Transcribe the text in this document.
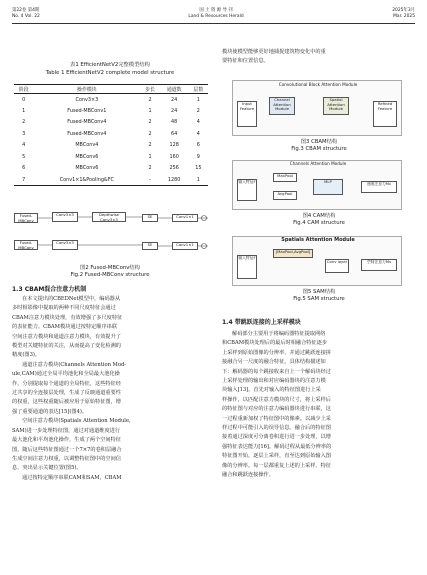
第22卷 第4期
No. 4 Vol. 22
国 土 资 源 导 刊
Land & Resources Herald
2025年3月
Mar. 2025
表1 EfficientNetV2完整模型结构
Table 1 EfficientNetV2 complete model structure
阶段	操作模块	步长	通道数	层数
0	Conv3×3	2	24	1
1	Fused-MBConv1	1	24	2
2	Fused-MBConv4	2	48	4
3	Fused-MBConv4	2	64	4
4	MBConv4	2	128	6
5	MBConv6	1	160	9
6	MBConv6	2	256	15
7	Conv1×1&Pooling&FC	-	1280	1
Fused-MBConv
Conv3×3	Depthwise Conv3×3	SE	Conv1×1
Fused-MBConv
Conv3×3	SE	Conv1×1
图2 Fused-MBConv结构
Fig.2 Fused-MBConv structure
1.3 CBAM混合注意力机制
在本文提出的CBEDNet模型中，编码器从
多时相影像中提取的两种不同尺度特征会通过
CBAM注意力模块处理，有效增强了多尺度特征
的表征能力。CBAM模块通过按特定顺序串联
空间注意力模块和通道注意力模块，有效提升了
模型对关键特征的关注，从而提高了变化检测的
精度(图3)。
通道注意力模块(Channels Attention Mod-
ule,CAM)通过全局平均池化和全局最大池化操
作，分别提取每个通道的全局特征，这些特征经
过共享的全连接层处理，生成了反映通道重要性
的权重，这些权重随后被应用于原始特征图，增
强了重要通道的表达[15](图4)。
空间注意力模块(Spatials Attention Module,
SAM)进一步处理特征图，通过对通道维度进行
最大池化和平均池化操作，生成了两个空间特征
图，随后这些特征图通过一个7×7的卷积层融合
生成空间注意力权重，以调整特征图中的空间信
息，突出显示关键位置(图5)。
通过按特定顺序串联CAM和SAM，CBAM
模块使模型能够更好地捕捉建筑物变化中的重
要特征和位置信息。
Convolutional Block Attention Module
Input Feature
Channel Attention Module
Spatial Attention Module
Refined Feature
图3 CBAM结构
Fig.3 CBAM structure
Channels Attention Module
输入特征F
MaxPool
AvgPool
MLP	通道注意力Mc
图4 CAM结构
Fig.4 CAM structure
Spatials Attention Module
输入特征F
[MaxPool,AvgPool]
Conv layer	空间注意力Ms
图5 SAM结构
Fig.5 SAM structure
1.4 带跳跃连接的上采样模块
解码部分主要用于将编码器特征提取网络
和CBAM模块处理后的最后时相融合特征逐步
上采样到原始图像的分辨率，并通过跳跃连接拼
接融合另一尺度的融合特征。具体结构描述如
下：解码器的每个跳接收来自上一个解码块经过
上采样处理的输出和对应编码器块的注意力模
块输入[13]。首先对输入的特征图进行上采
样操作，以匹配注意力模块的尺寸，将上采样后
的特征图与对应的注意力编码器块进行串联，这
一过程重新加权了特征图中的像素。以减少上采
样过程中可能引入的误导信息。融合后的特征图
接着通过深度可分离卷积进行进一步处理，以增
强特征表达能力[16]。解码过程从最低分辨率的
特征图开始，逐层上采样，直至达到原始输入图
像的分辨率。每一层都重复上述的上采样、特征
融合和跳跃连接操作。
